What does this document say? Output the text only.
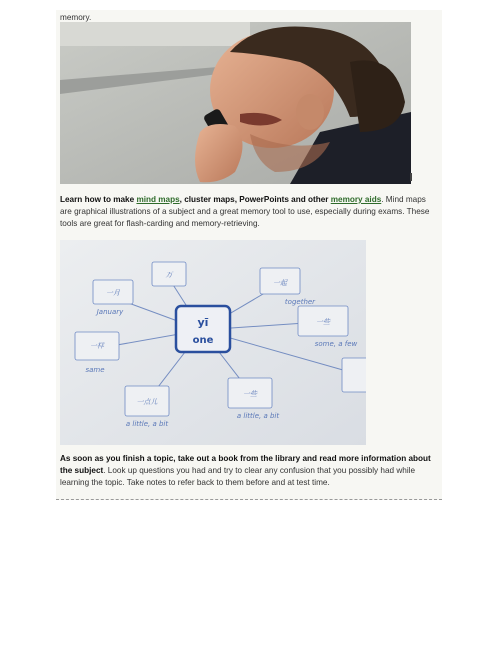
memory.
Learn how to make mind maps, cluster maps, PowerPoints and other memory aids. Mind maps are graphical illustrations of a subject and a great memory tool to use, especially during exams. These tools are great for flash-carding and memory-retrieving.
yī
one
一月
January
万
一起
together
一样
same
一些
some, a few
一点儿
a little, a bit
一些
a little, a bit
As soon as you finish a topic, take out a book from the library and read more information about the subject. Look up questions you had and try to clear any confusion that you possibly had while learning the topic. Take notes to refer back to them before and at test time.
